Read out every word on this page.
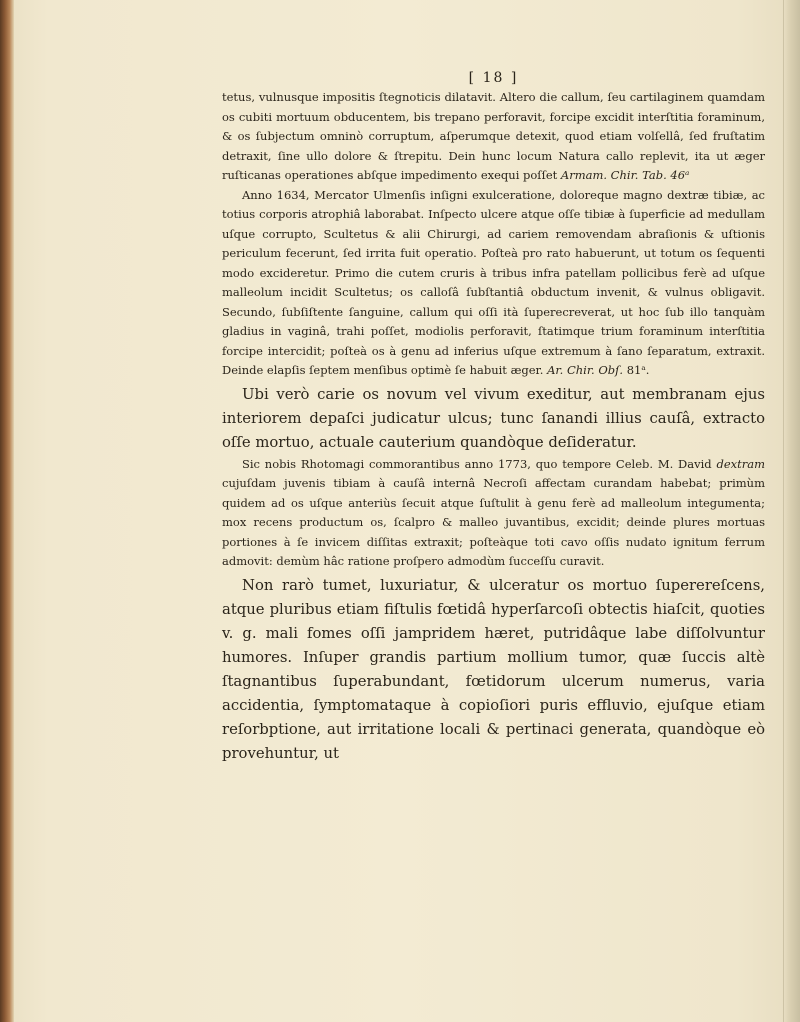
[ 18 ]

tetus, vulnusque impositis ſtegnoticis dilatavit. Altero die callum, ſeu cartilaginem quamdam os cubiti mortuum obducentem, bis trepano perforavit, forcipe excidit interſtitia foraminum, & os ſubjectum omninò corruptum, aſperumque detexit, quod etiam volſellâ, ſed fruſtatim detraxit, ſine ullo dolore & ſtrepitu. Dein hunc locum Natura callo replevit, ita ut æger ruſticanas operationes abſque impedimento exequi poſſet Armam. Chir. Tab. 46ᵃ

Anno 1634, Mercator Ulmenſis inſigni exulceratione, doloreque magno dextræ tibiæ, ac totius corporis atrophiâ laborabat. Inſpecto ulcere atque oſſe tibiæ à ſuperficie ad medullam uſque corrupto, Scultetus & alii Chirurgi, ad cariem removendam abraſionis & uſtionis periculum fecerunt, ſed irrita fuit operatio. Poſteà pro rato habuerunt, ut totum os ſequenti modo excideretur. Primo die cutem cruris à tribus infra patellam pollicibus ferè ad uſque malleolum incidit Scultetus; os calloſâ ſubſtantiâ obductum invenit, & vulnus obligavit. Secundo, ſubſiſtente ſanguine, callum qui oſſi ità ſuperecreverat, ut hoc ſub illo tanquàm gladius in vaginâ, trahi poſſet, modiolis perforavit, ſtatimque trium foraminum interſtitia forcipe intercidit; poſteà os à genu ad inferius uſque extremum à ſano ſeparatum, extraxit. Deinde elapſis ſeptem menſibus optimè ſe habuit æger. Ar. Chir. Obſ. 81ᵃ.

Ubi verò carie os novum vel vivum exeditur, aut membranam ejus interiorem depaſci judicatur ulcus; tunc ſanandi illius cauſâ, extracto oſſe mortuo, actuale cauterium quandòque deſideratur.

Sic nobis Rhotomagi commorantibus anno 1773, quo tempore Celeb. M. David dextram cujuſdam juvenis tibiam à cauſâ internâ Necroſi affectam curandam habebat; primùm quidem ad os uſque anteriùs ſecuit atque ſuſtulit à genu ferè ad malleolum integumenta; mox recens productum os, ſcalpro & malleo juvantibus, excidit; deinde plures mortuas portiones à ſe invicem diſſitas extraxit; poſteàque toti cavo oſſis nudato ignitum ferrum admovit: demùm hâc ratione proſpero admodùm ſucceſſu curavit.

Non rarò tumet, luxuriatur, & ulceratur os mortuo ſuperereſcens, atque pluribus etiam fiſtulis fœtidâ hyperſarcoſi obtectis hiaſcit, quoties v. g. mali fomes oſſi jampridem hæret, putridâque labe diſſolvuntur humores. Inſuper grandis partium mollium tumor, quæ ſuccis altè ſtagnantibus ſuperabundant, fœtidorum ulcerum numerus, varia accidentia, ſymptomataque à copioſiori puris effluvio, ejuſque etiam reſorbptione, aut irritatione locali & pertinaci generata, quandòque eò provehuntur, ut
